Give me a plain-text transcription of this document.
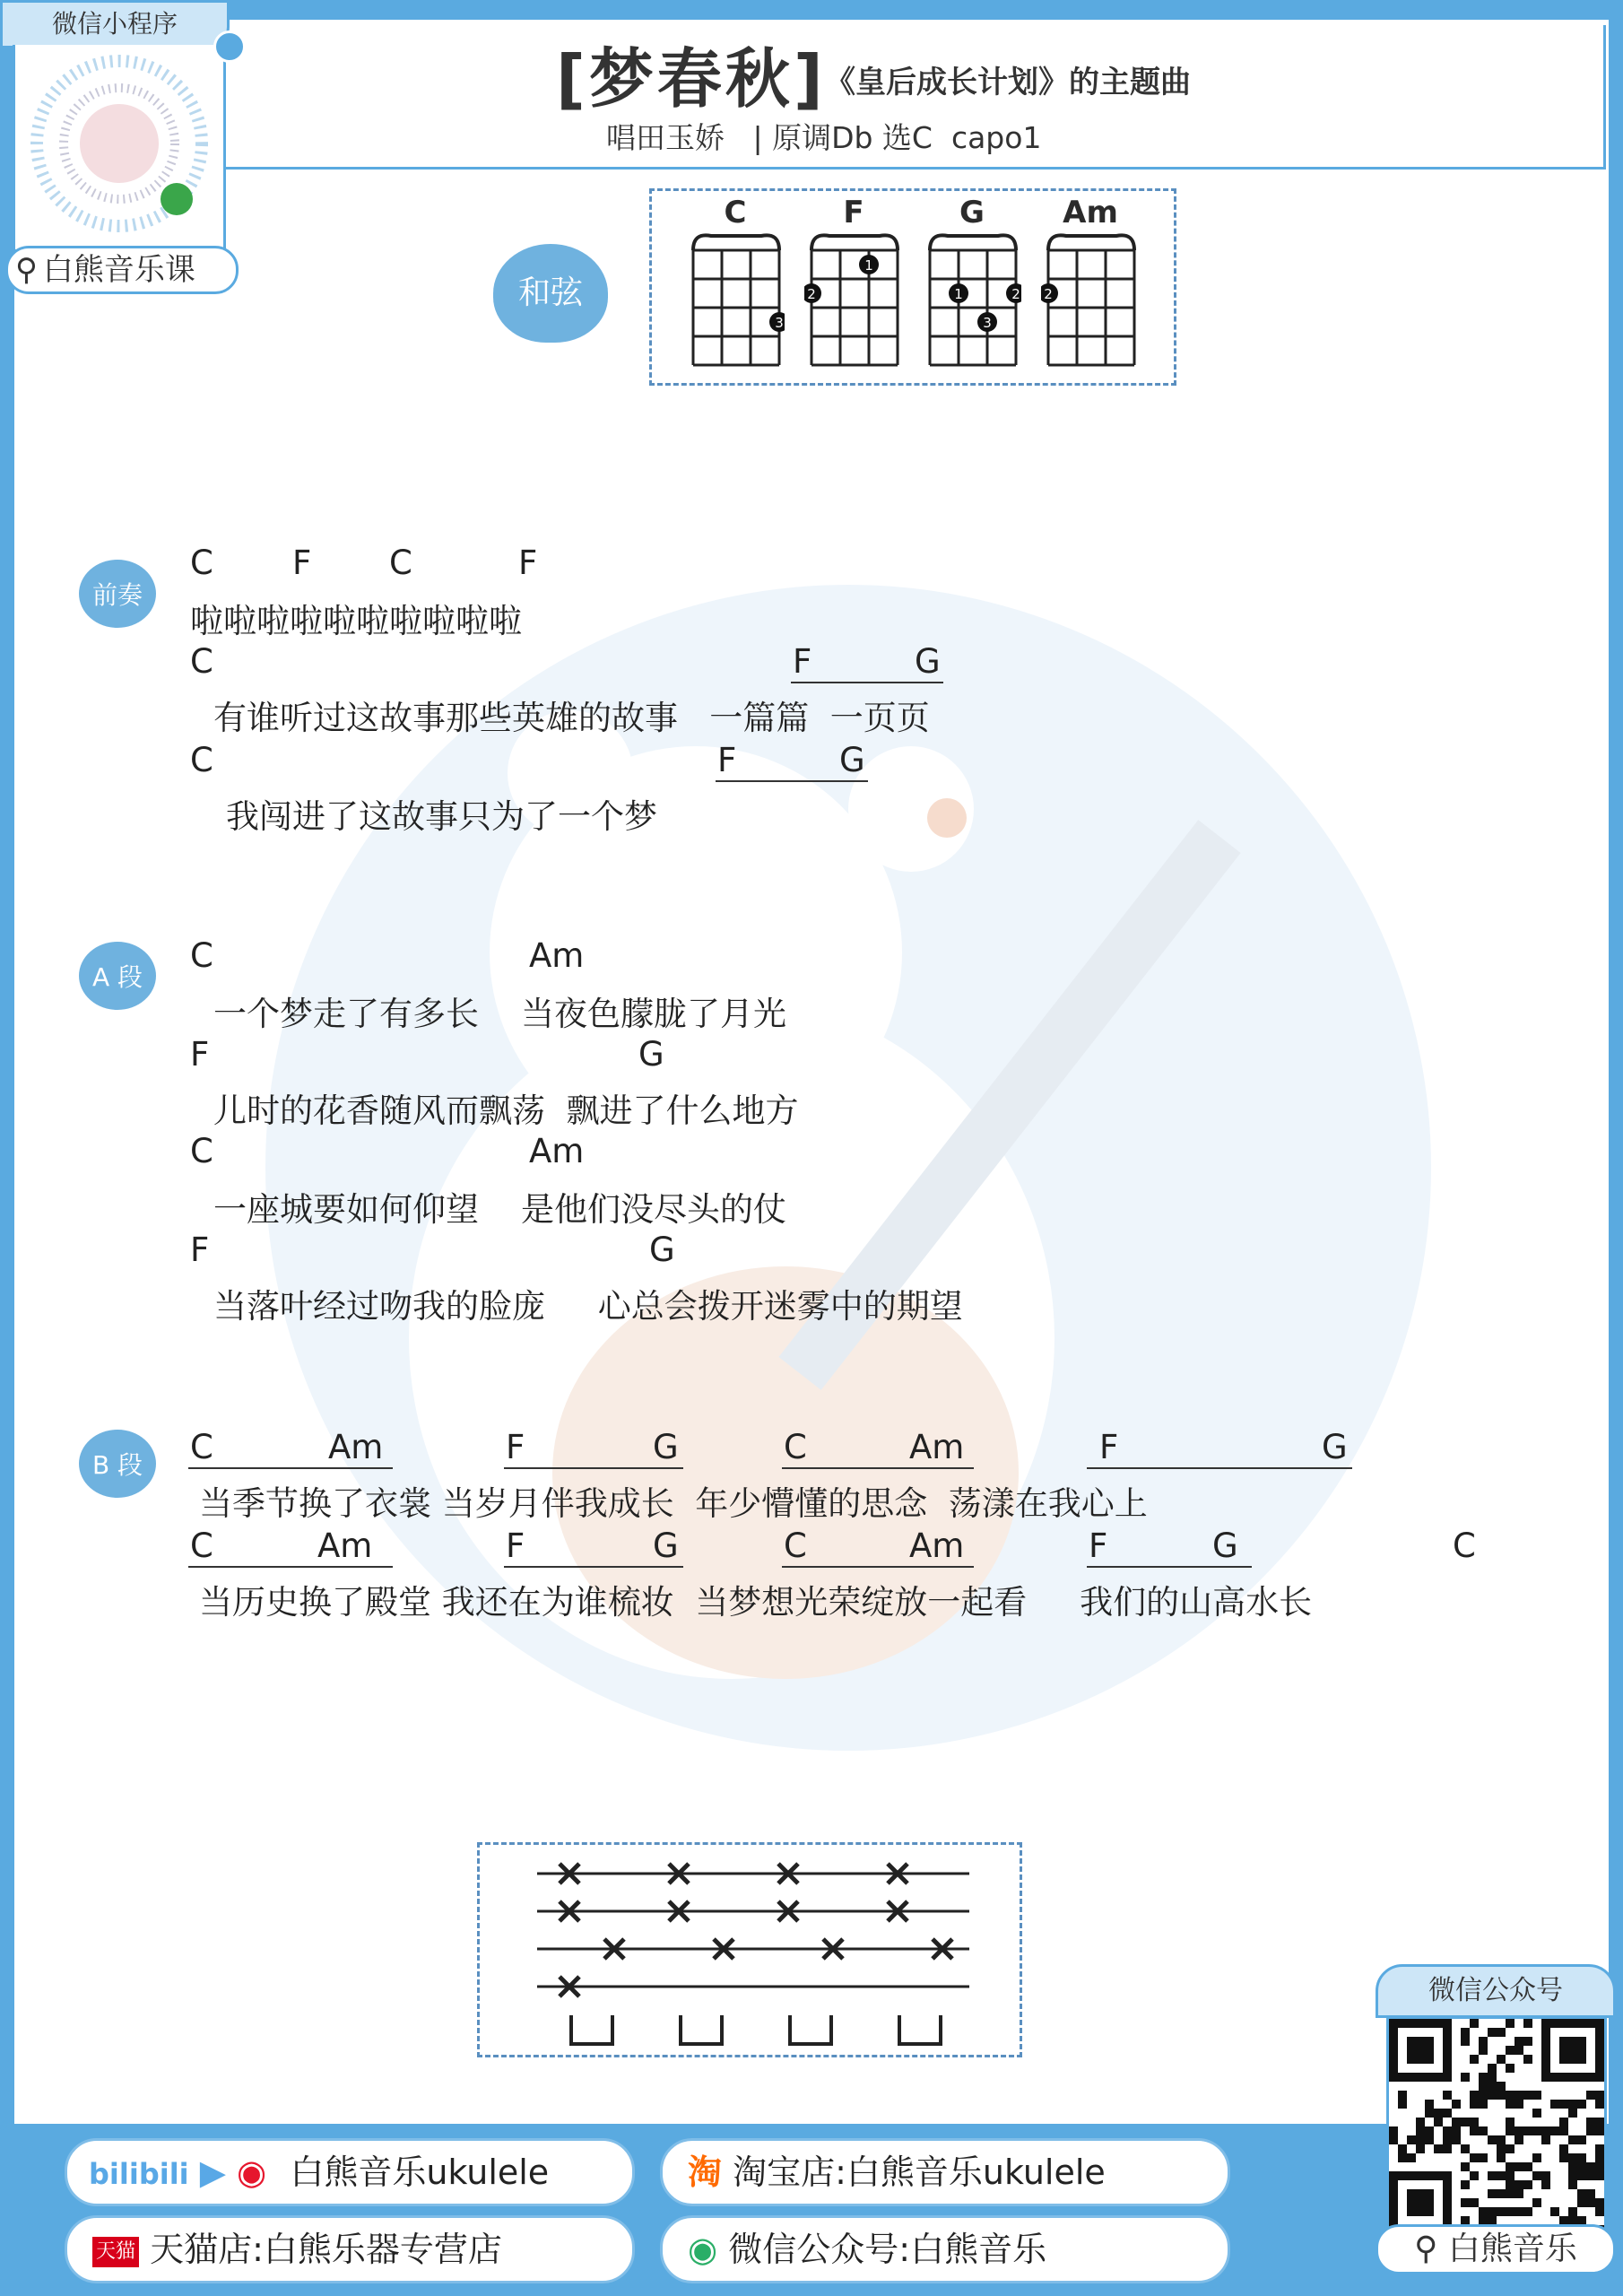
[梦春秋]
《皇后成长计划》的主题曲
唱田玉娇   | 原调Db 选C  capo1
微信小程序
⚲ 白熊音乐课
和弦
C
3
F
2
1
G
1
3
2
Am
2
前奏
C F C	F
啦啦啦啦啦啦啦啦啦啦
C	F	G
有谁听过这故事那些英雄的故事   一篇篇  一页页
C	F	G
我闯进了这故事只为了一个梦
A 段
C	Am
一个梦走了有多长    当夜色朦胧了月光
F	G
儿时的花香随风而飘荡  飘进了什么地方
C	Am
一座城要如何仰望    是他们没尽头的仗
F	G
当落叶经过吻我的脸庞     心总会拨开迷雾中的期望
B 段	C	Am	F	G	C	Am	F	G
当季节换了衣裳 当岁月伴我成长  年少懵懂的思念  荡漾在我心上
C	Am	F	G	C	Am	F	G	C
当历史换了殿堂 我还在为谁梳妆  当梦想光荣绽放一起看     我们的山高水长
微信公众号
⚲ 白熊音乐
bilibili ▶ ◉ 白熊音乐ukulele	淘 淘宝店:白熊音乐ukulele
天猫 天猫店:白熊乐器专营店	◉ 微信公众号:白熊音乐
